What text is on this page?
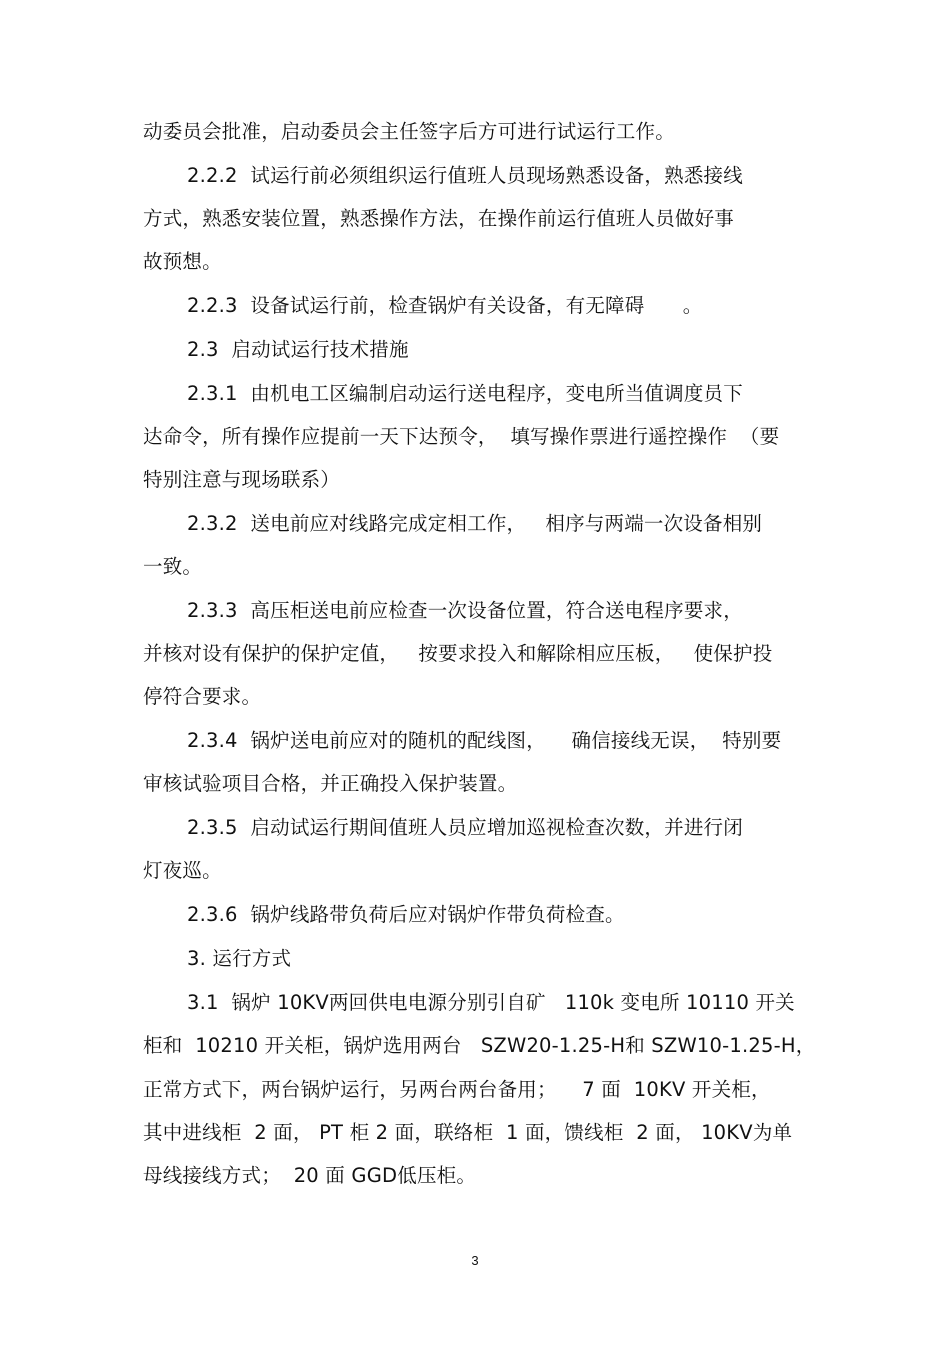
动委员会批准，启动委员会主任签字后方可进行试运行工作。
2.2.2  试运行前必须组织运行值班人员现场熟悉设备，熟悉接线
方式，熟悉安装位置，熟悉操作方法，在操作前运行值班人员做好事
故预想。
2.2.3  设备试运行前，检查锅炉有关设备，有无障碍      。
2.3  启动试运行技术措施
2.3.1  由机电工区编制启动运行送电程序，变电所当值调度员下
达命令，所有操作应提前一天下达预令，  填写操作票进行遥控操作  （要
特别注意与现场联系）
2.3.2  送电前应对线路完成定相工作，   相序与两端一次设备相别
一致。
2.3.3  高压柜送电前应检查一次设备位置，符合送电程序要求，
并核对设有保护的保护定值，   按要求投入和解除相应压板，   使保护投
停符合要求。
2.3.4  锅炉送电前应对的随机的配线图，    确信接线无误，  特别要
审核试验项目合格，并正确投入保护装置。
2.3.5  启动试运行期间值班人员应增加巡视检查次数，并进行闭
灯夜巡。
2.3.6  锅炉线路带负荷后应对锅炉作带负荷检查。
3. 运行方式
3.1  锅炉 10KV两回供电电源分别引自矿   110k 变电所 10110 开关
柜和  10210 开关柜，锅炉选用两台   SZW20-1.25-H和 SZW10-1.25-H，
正常方式下，两台锅炉运行，另两台两台备用；    7 面  10KV 开关柜，
其中进线柜  2 面， PT 柜 2 面，联络柜  1 面，馈线柜  2 面， 10KV为单
母线接线方式；  20 面 GGD低压柜。
3
